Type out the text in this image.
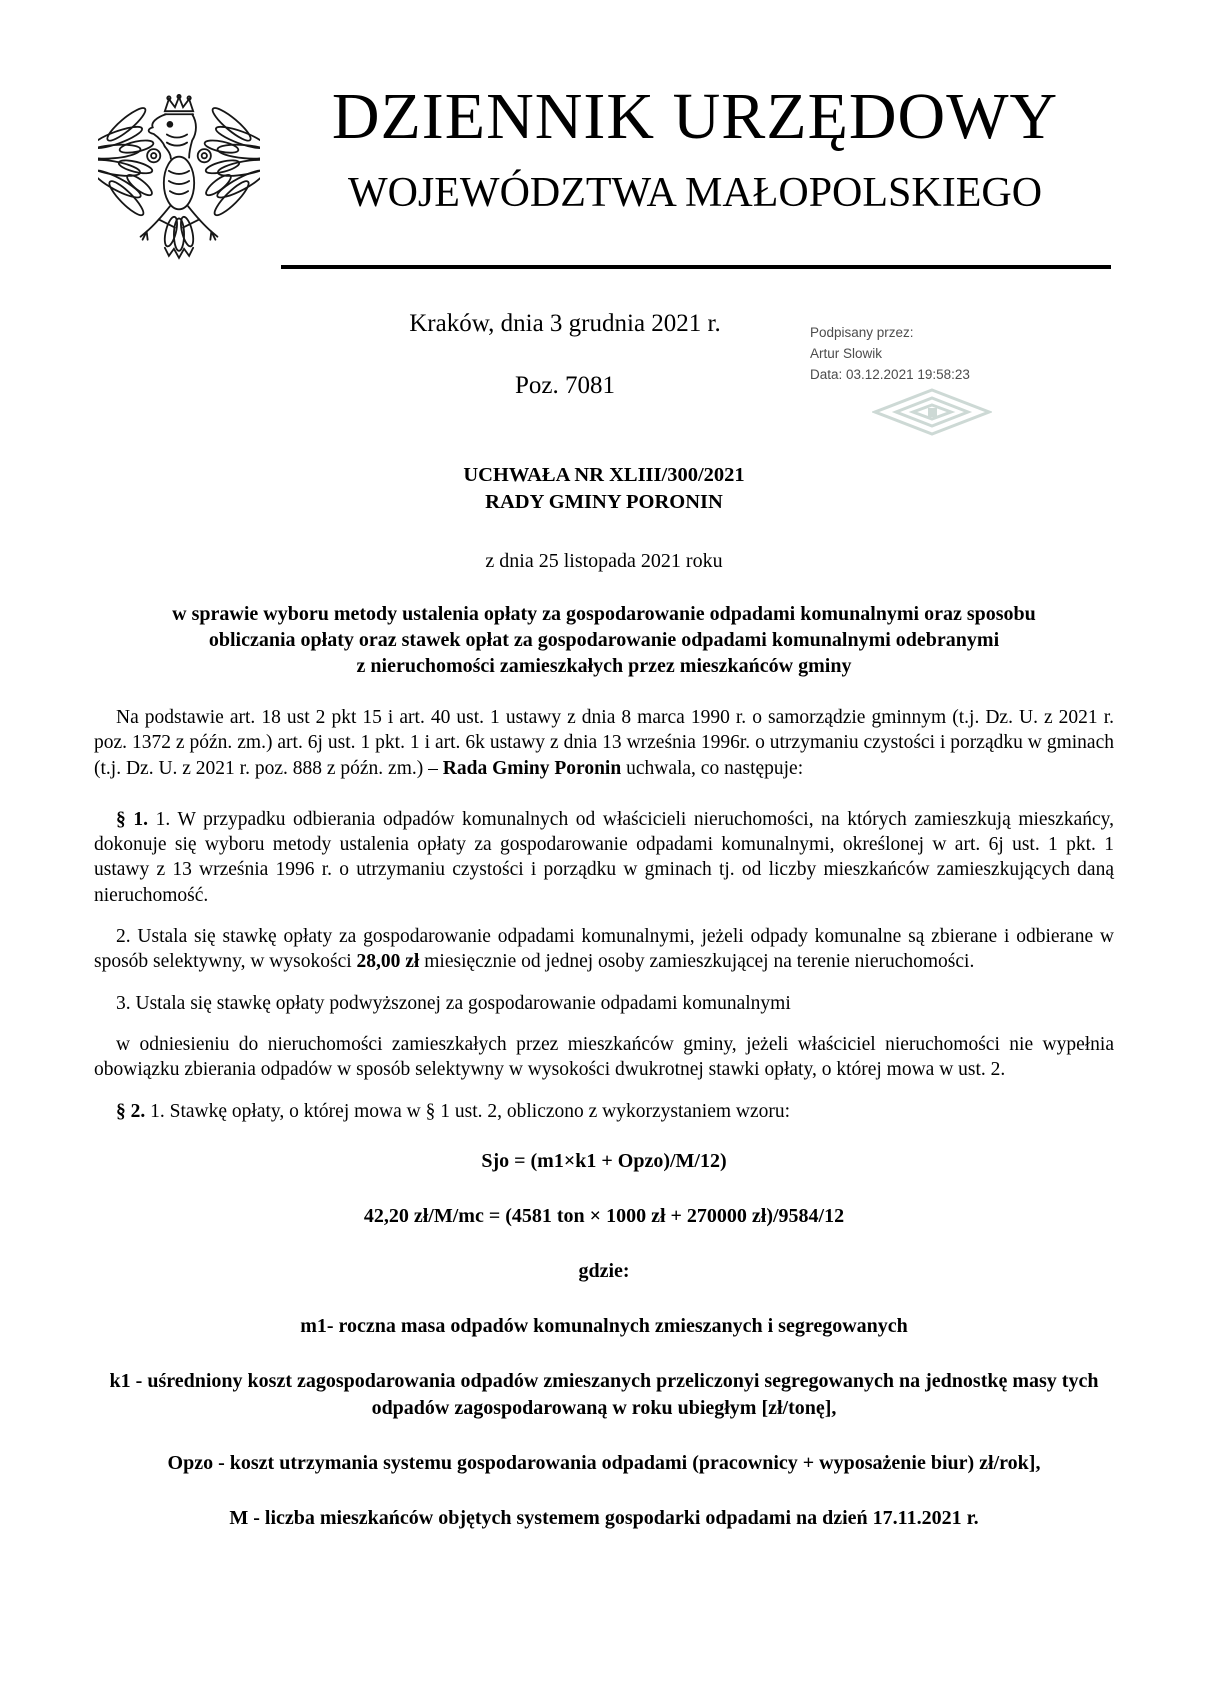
DZIENNIK URZĘDOWY
WOJEWÓDZTWA MAŁOPOLSKIEGO
Kraków, dnia 3 grudnia 2021 r.
Poz. 7081
Podpisany przez:
Artur Slowik
Data: 03.12.2021 19:58:23
UCHWAŁA NR XLIII/300/2021
RADY GMINY PORONIN
z dnia 25 listopada 2021 roku
w sprawie wyboru metody ustalenia opłaty za gospodarowanie odpadami komunalnymi oraz sposobu
obliczania opłaty oraz stawek opłat za gospodarowanie odpadami komunalnymi odebranymi
z nieruchomości zamieszkałych przez mieszkańców gminy

Na podstawie art. 18 ust 2 pkt 15 i art. 40 ust. 1 ustawy z dnia 8 marca 1990 r. o samorządzie gminnym (t.j. Dz. U. z 2021 r. poz. 1372 z późn. zm.) art. 6j ust. 1 pkt. 1 i art. 6k ustawy z dnia 13 września 1996r. o utrzymaniu czystości i porządku w gminach (t.j. Dz. U. z 2021 r. poz. 888 z późn. zm.) – Rada Gminy Poronin uchwala, co następuje:

§ 1. 1. W przypadku odbierania odpadów komunalnych od właścicieli nieruchomości, na których zamieszkują mieszkańcy, dokonuje się wyboru metody ustalenia opłaty za gospodarowanie odpadami komunalnymi, określonej w art. 6j ust. 1 pkt. 1 ustawy z 13 września 1996 r. o utrzymaniu czystości i porządku w gminach tj. od liczby mieszkańców zamieszkujących daną nieruchomość.

2. Ustala się stawkę opłaty za gospodarowanie odpadami komunalnymi, jeżeli odpady komunalne są zbierane i odbierane w sposób selektywny, w wysokości 28,00 zł miesięcznie od jednej osoby zamieszkującej na terenie nieruchomości.

3. Ustala się stawkę opłaty podwyższonej za gospodarowanie odpadami komunalnymi

w odniesieniu do nieruchomości zamieszkałych przez mieszkańców gminy, jeżeli właściciel nieruchomości nie wypełnia obowiązku zbierania odpadów w sposób selektywny w wysokości dwukrotnej stawki opłaty, o której mowa w ust. 2.

§ 2. 1. Stawkę opłaty, o której mowa w § 1 ust. 2, obliczono z wykorzystaniem wzoru:

Sjo = (m1×k1 + Opzo)/M/12)

42,20 zł/M/mc = (4581 ton × 1000 zł + 270000 zł)/9584/12

gdzie:

m1- roczna masa odpadów komunalnych zmieszanych i segregowanych

k1 - uśredniony koszt zagospodarowania odpadów zmieszanych przeliczonyi segregowanych na jednostkę masy tych odpadów zagospodarowaną w roku ubiegłym [zł/tonę],

Opzo - koszt utrzymania systemu gospodarowania odpadami (pracownicy + wyposażenie biur) zł/rok],

M - liczba mieszkańców objętych systemem gospodarki odpadami na dzień 17.11.2021 r.
